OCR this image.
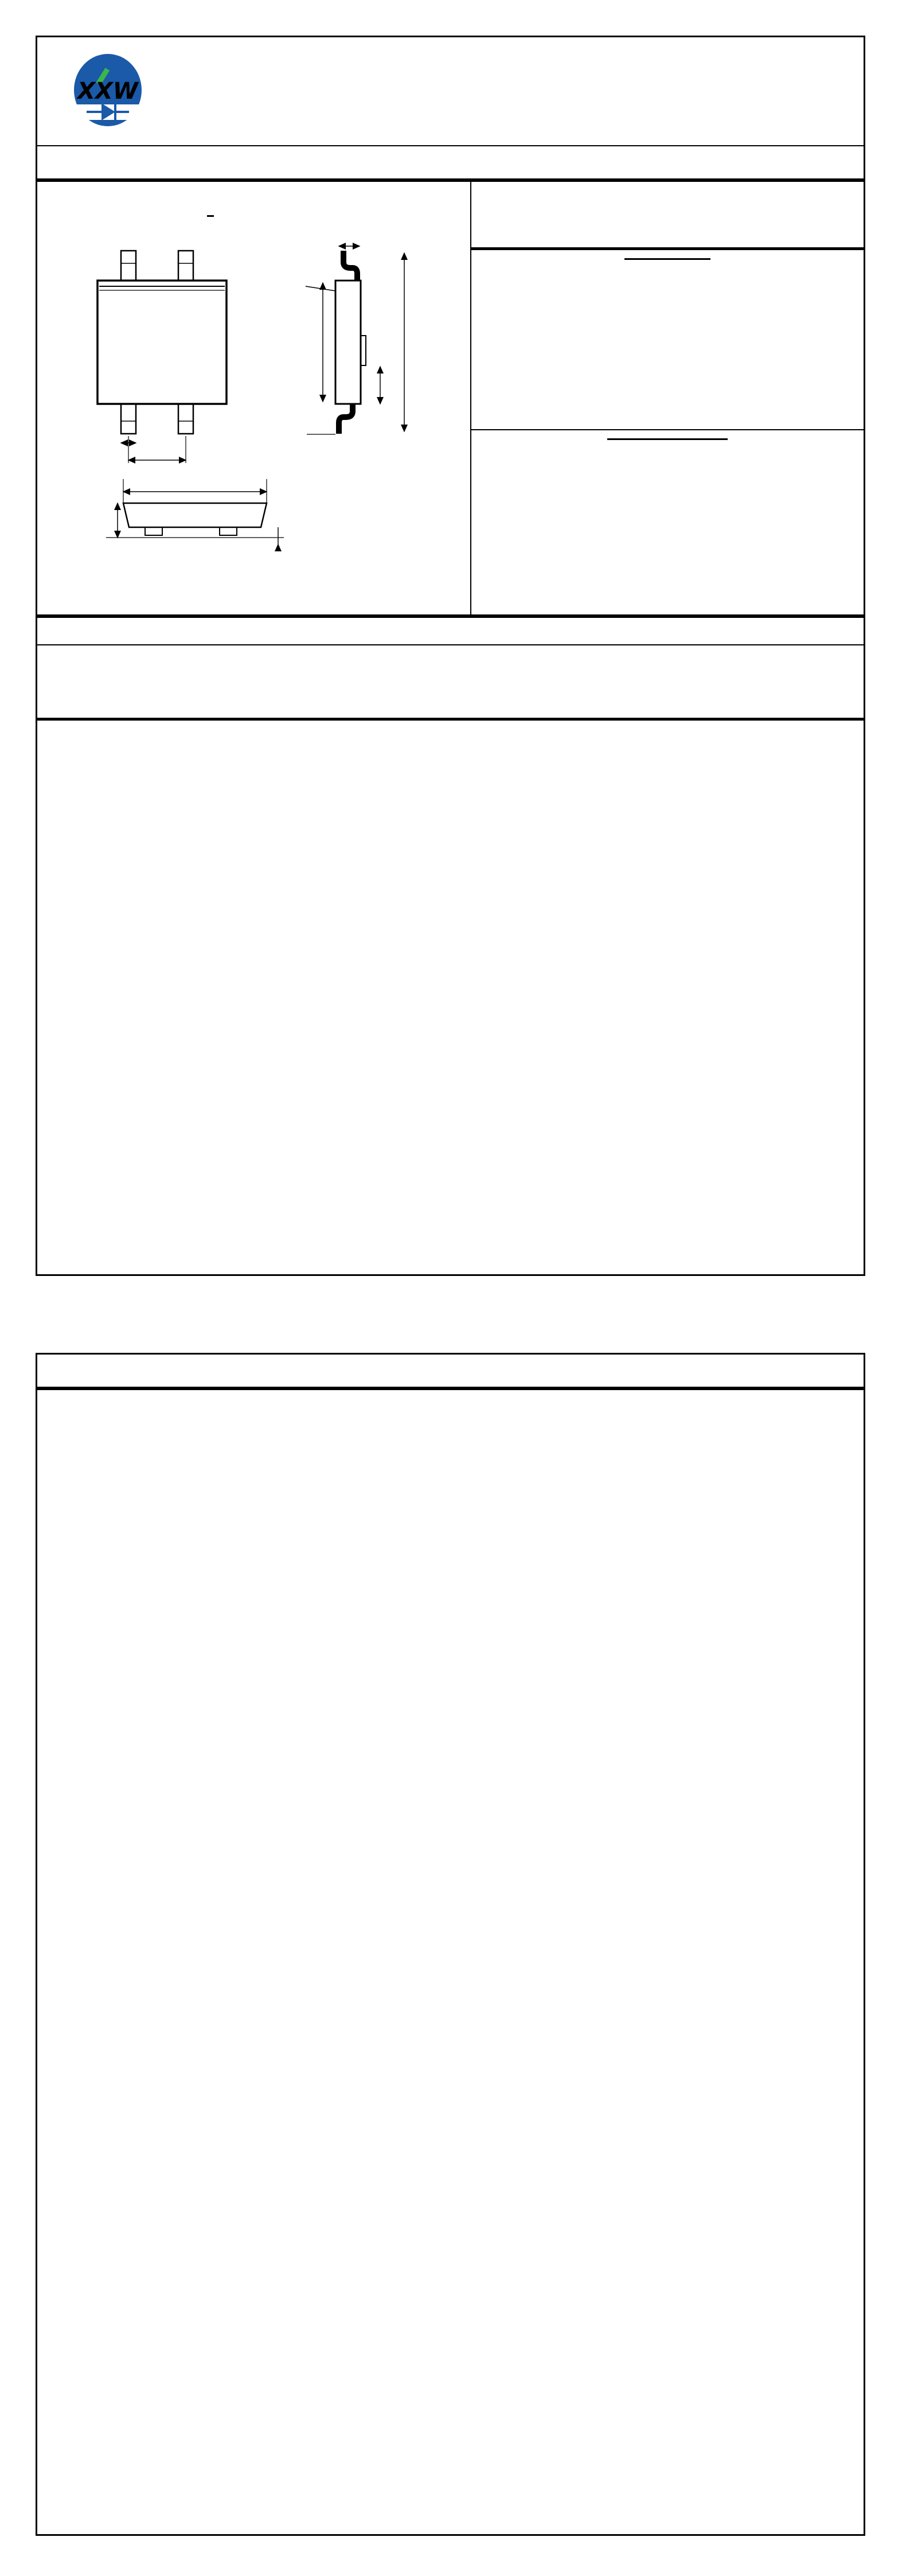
XXW
